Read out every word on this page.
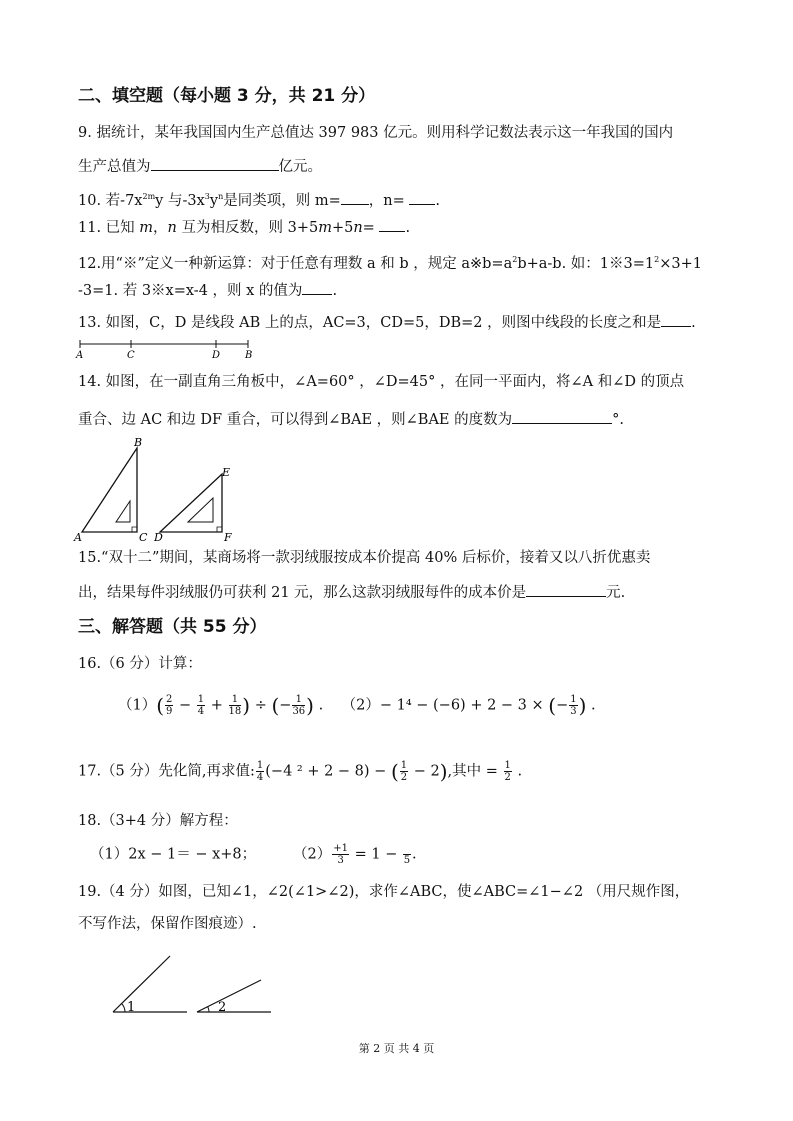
二、填空题（每小题 3 分，共 21 分）
9. 据统计，某年我国国内生产总值达 397 983 亿元。则用科学记数法表示这一年我国的国内
生产总值为	亿元。
10. 若$-7x^{2m}y$ 与$-3x^3y^n$是同类项，则 m= ，n= .
11. 已知 m，n 互为相反数，则 3+5m+5n= .
12.用“※”定义一种新运算：对于任意有理数 a 和 b ，规定 $a※b=a^2b+a-b$. 如：$1※3=1^2\times 3+1$
-3=1. 若 3※x=x-4 ，则 x 的值为 .
13. 如图，C，D 是线段 AB 上的点，AC=3，CD=5，DB=2 ，则图中线段的长度之和是 .
A	C	D B
14. 如图，在一副直角三角板中，∠A=60° ，∠D=45° ，在同一平面内，将∠A 和∠D 的顶点
重合、边 AC 和边 DF 重合，可以得到∠BAE ，则∠BAE 的度数为	°.
B
A	C
E
D	F
15.“双十二”期间，某商场将一款羽绒服按成本价提高 40% 后标价，接着又以八折优惠卖
出，结果每件羽绒服仍可获利 21 元，那么这款羽绒服每件的成本价是	元.
三、解答题（共 55 分）
16.（6 分）计算：
$(1)( \frac{2}{9} - \frac{1}{4} + \frac{1}{18}$ ) ÷ (− $\frac{1}{36}$ ) .    （2）− 1⁴ − (−6) + 2 − 3 × (− $\frac{1}{3}$ ) .
17.（5 分）先化简,再求值: $\frac{1}{4} (-4$ ² + 2 − 8) − ( $\frac{1}{2} - 2$),其中 = $\frac{1}{2}$ .
18.（3+4 分）解方程：
（1）2x − 1＝ − x+8；	$(2) \frac{+1}{3} = 1 - 5$ .
19.（4 分）如图，已知∠1，∠2(∠1>∠2)，求作∠ABC，使∠ABC=∠1−∠2 （用尺规作图，
不写作法，保留作图痕迹）.
1	2
第 2 页 共 4 页
